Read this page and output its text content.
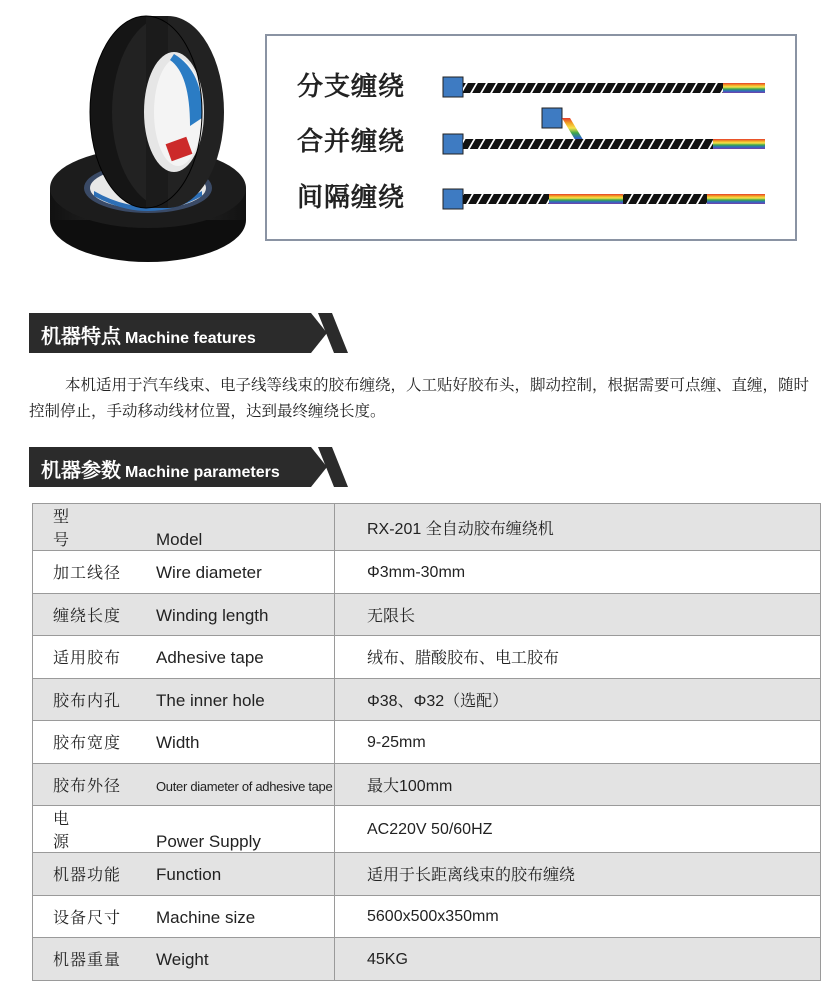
分支缠绕
合并缠绕
间隔缠绕
机器特点 Machine features

本机适用于汽车线束、电子线等线束的胶布缠绕，人工贴好胶布头，脚动控制，根据需要可点缠、直缠，随时控制停止，手动移动线材位置，达到最终缠绕长度。

机器参数 Machine parameters
型　号 Model	RX-201 全自动胶布缠绕机
加工线径 Wire diameter	Φ3mm-30mm
缠绕长度 Winding length	无限长
适用胶布 Adhesive tape	绒布、腊酸胶布、电工胶布
胶布内孔 The inner hole	Φ38、Φ32（选配）
胶布宽度 Width	9-25mm
胶布外径 Outer diameter of adhesive tape	最大100mm
电　源 Power Supply	AC220V 50/60HZ
机器功能 Function	适用于长距离线束的胶布缠绕
设备尺寸 Machine size	5600x500x350mm
机器重量 Weight	45KG
